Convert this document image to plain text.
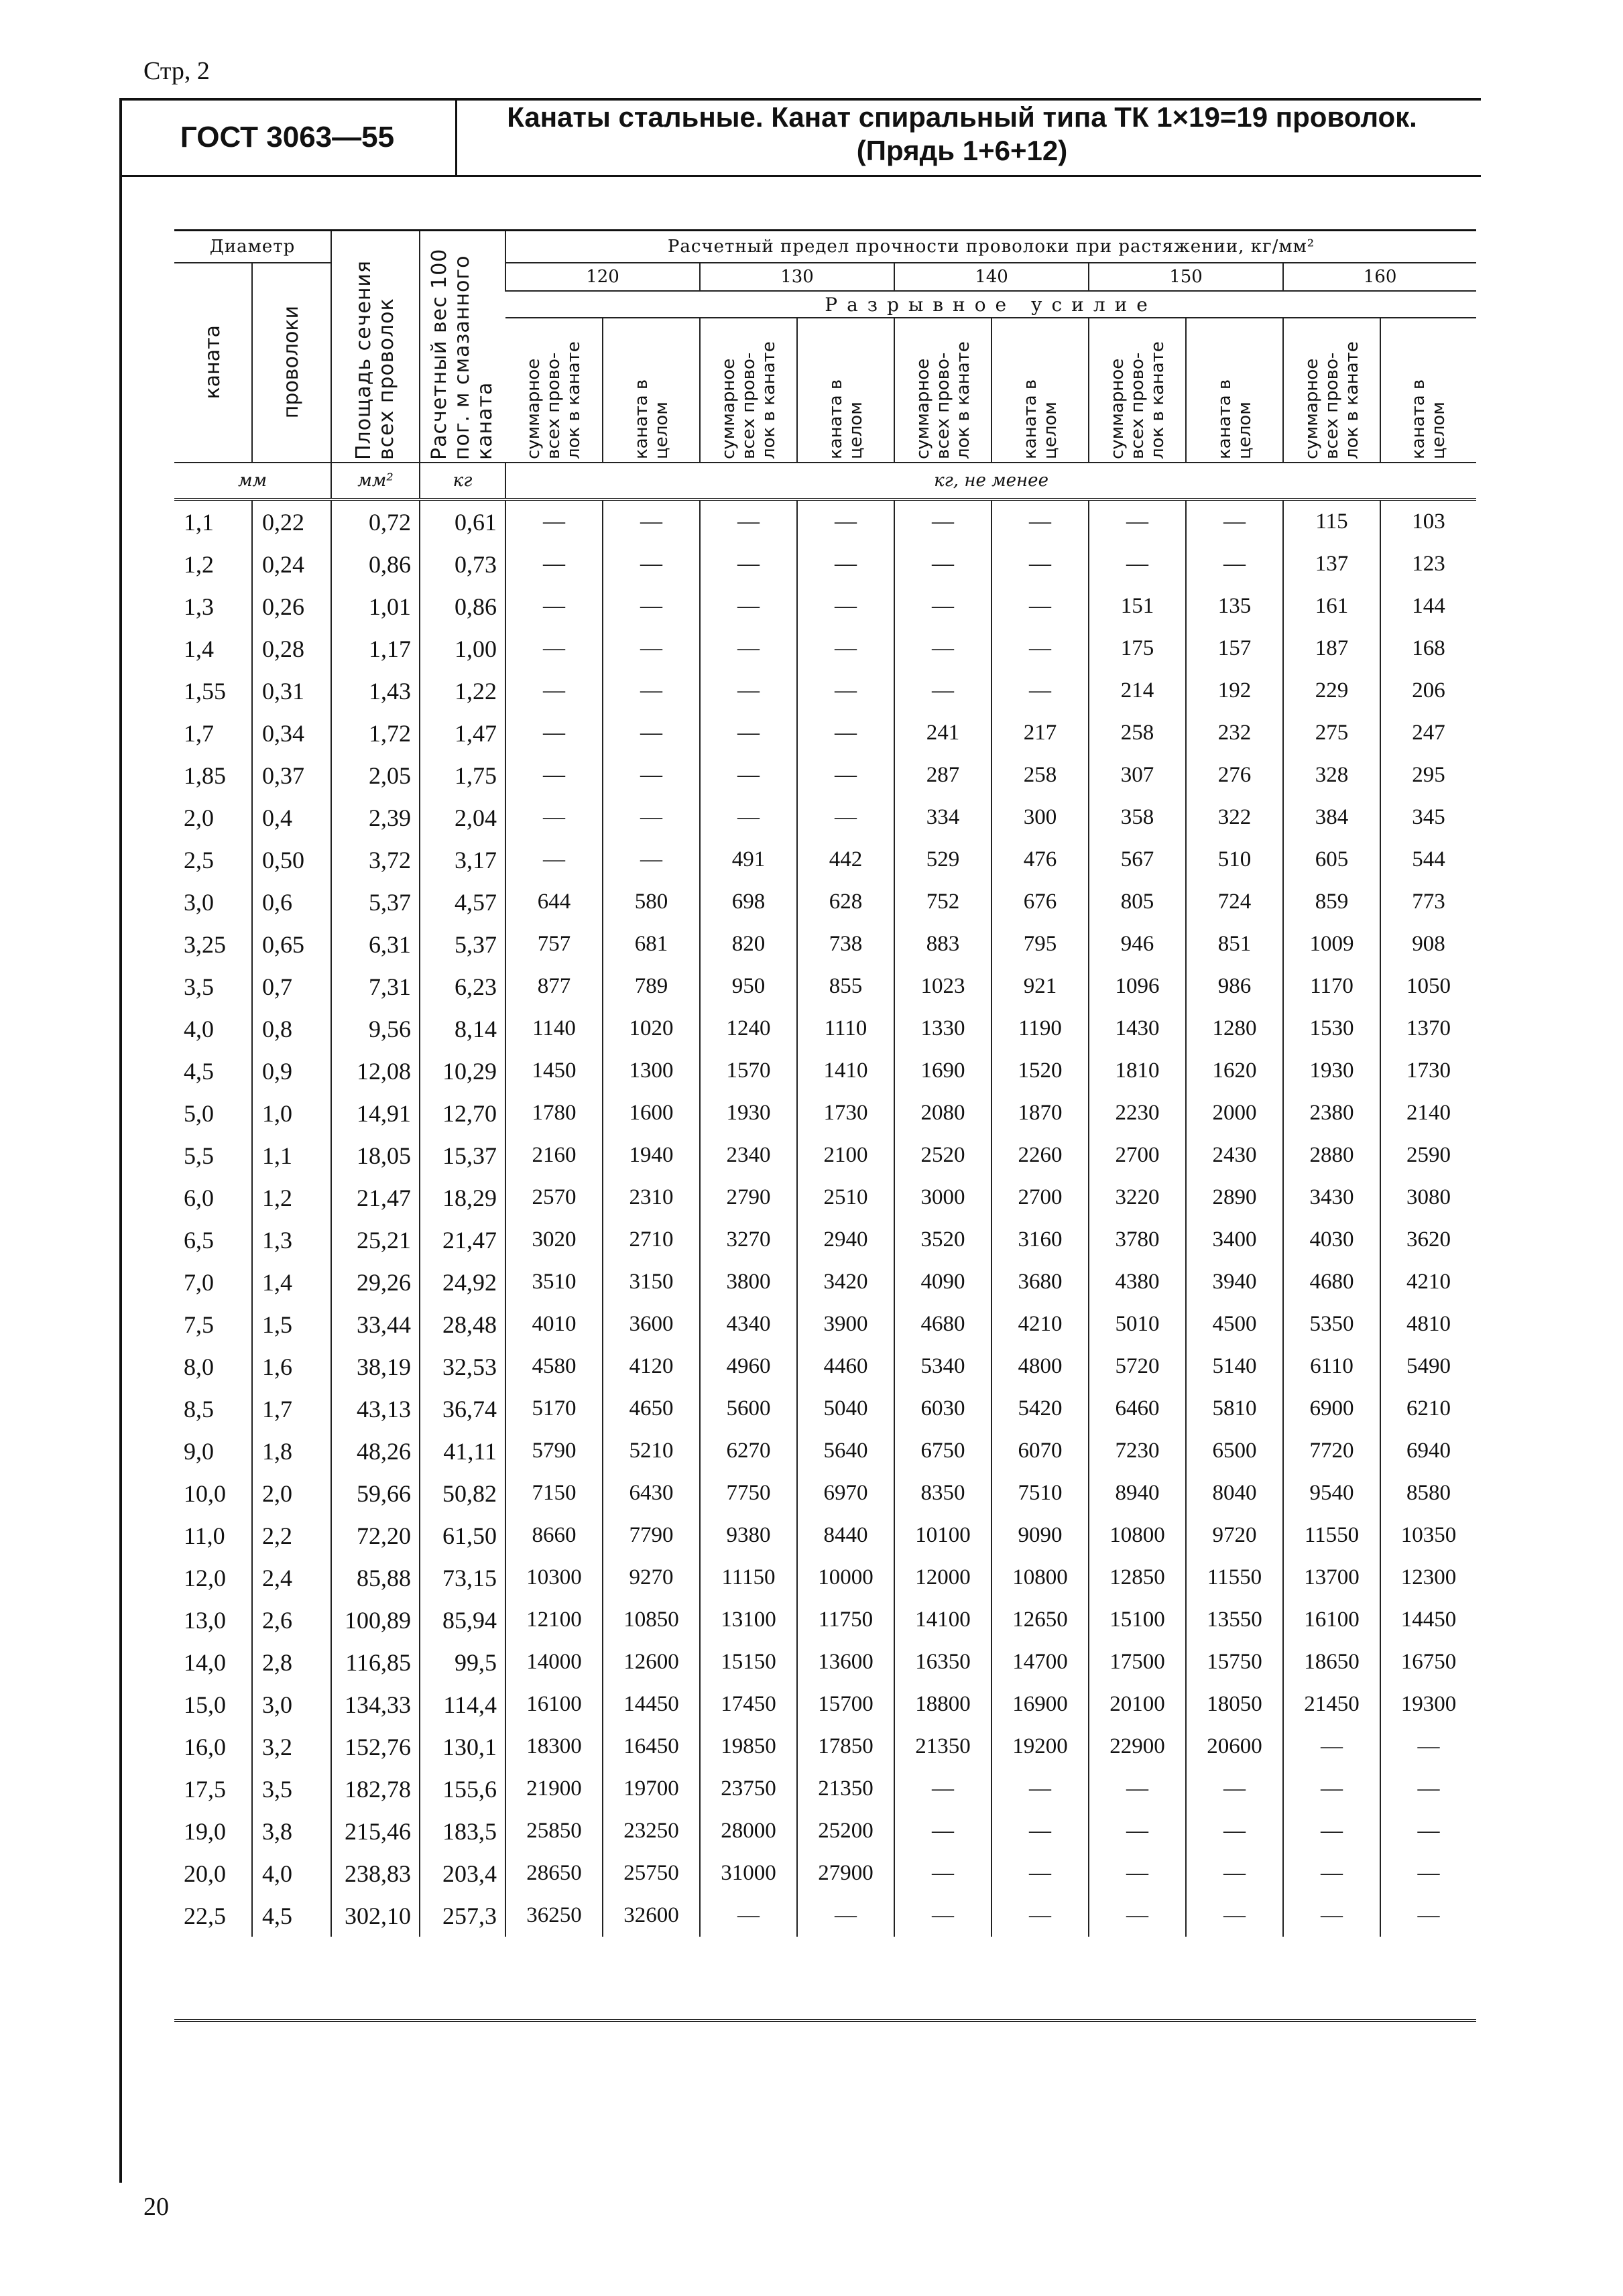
Стр, 2
ГОСТ 3063—55
Канаты стальные. Канат спиральный типа ТК 1×19=19 проволок. (Прядь 1+6+12)
Диаметр		Площадь сечения всех проволок	Расчетный вес 100 пог. м смазанного каната	Расчетный предел прочности проволоки при растяжении, кг/мм²									
каната	проволоки			120		130		140		150		160	
				Разрывное усилие									
				суммарное всех прово-лок в канате	каната в целом	суммарное всех прово-лок в канате	каната в целом	суммарное всех прово-лок в канате	каната в целом	суммарное всех прово-лок в канате	каната в целом	суммарное всех прово-лок в канате	каната в целом
мм		мм²	кг	кг, не менее									
1,1	0,22	0,72	0,61	—	—	—	—	—	—	—	—	115	103
1,2	0,24	0,86	0,73	—	—	—	—	—	—	—	—	137	123
1,3	0,26	1,01	0,86	—	—	—	—	—	—	151	135	161	144
1,4	0,28	1,17	1,00	—	—	—	—	—	—	175	157	187	168
1,55	0,31	1,43	1,22	—	—	—	—	—	—	214	192	229	206
1,7	0,34	1,72	1,47	—	—	—	—	241	217	258	232	275	247
1,85	0,37	2,05	1,75	—	—	—	—	287	258	307	276	328	295
2,0	0,4	2,39	2,04	—	—	—	—	334	300	358	322	384	345
2,5	0,50	3,72	3,17	—	—	491	442	529	476	567	510	605	544
3,0	0,6	5,37	4,57	644	580	698	628	752	676	805	724	859	773
3,25	0,65	6,31	5,37	757	681	820	738	883	795	946	851	1009	908
3,5	0,7	7,31	6,23	877	789	950	855	1023	921	1096	986	1170	1050
4,0	0,8	9,56	8,14	1140	1020	1240	1110	1330	1190	1430	1280	1530	1370
4,5	0,9	12,08	10,29	1450	1300	1570	1410	1690	1520	1810	1620	1930	1730
5,0	1,0	14,91	12,70	1780	1600	1930	1730	2080	1870	2230	2000	2380	2140
5,5	1,1	18,05	15,37	2160	1940	2340	2100	2520	2260	2700	2430	2880	2590
6,0	1,2	21,47	18,29	2570	2310	2790	2510	3000	2700	3220	2890	3430	3080
6,5	1,3	25,21	21,47	3020	2710	3270	2940	3520	3160	3780	3400	4030	3620
7,0	1,4	29,26	24,92	3510	3150	3800	3420	4090	3680	4380	3940	4680	4210
7,5	1,5	33,44	28,48	4010	3600	4340	3900	4680	4210	5010	4500	5350	4810
8,0	1,6	38,19	32,53	4580	4120	4960	4460	5340	4800	5720	5140	6110	5490
8,5	1,7	43,13	36,74	5170	4650	5600	5040	6030	5420	6460	5810	6900	6210
9,0	1,8	48,26	41,11	5790	5210	6270	5640	6750	6070	7230	6500	7720	6940
10,0	2,0	59,66	50,82	7150	6430	7750	6970	8350	7510	8940	8040	9540	8580
11,0	2,2	72,20	61,50	8660	7790	9380	8440	10100	9090	10800	9720	11550	10350
12,0	2,4	85,88	73,15	10300	9270	11150	10000	12000	10800	12850	11550	13700	12300
13,0	2,6	100,89	85,94	12100	10850	13100	11750	14100	12650	15100	13550	16100	14450
14,0	2,8	116,85	99,5	14000	12600	15150	13600	16350	14700	17500	15750	18650	16750
15,0	3,0	134,33	114,4	16100	14450	17450	15700	18800	16900	20100	18050	21450	19300
16,0	3,2	152,76	130,1	18300	16450	19850	17850	21350	19200	22900	20600	—	—
17,5	3,5	182,78	155,6	21900	19700	23750	21350	—	—	—	—	—	—
19,0	3,8	215,46	183,5	25850	23250	28000	25200	—	—	—	—	—	—
20,0	4,0	238,83	203,4	28650	25750	31000	27900	—	—	—	—	—	—
22,5	4,5	302,10	257,3	36250	32600	—	—	—	—	—	—	—	—
20
